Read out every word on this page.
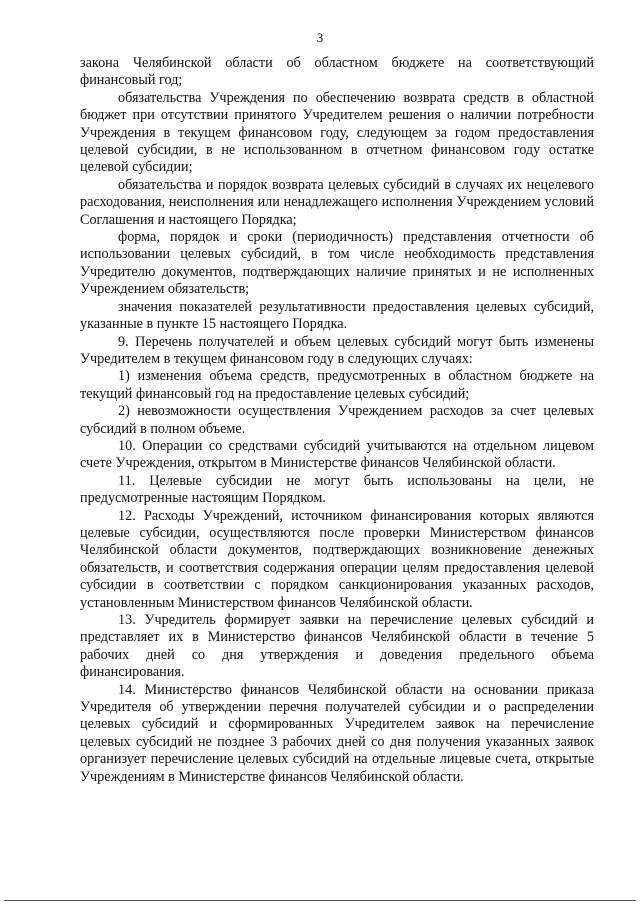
3

закона Челябинской области об областном бюджете на соответствующий финансовый год;

обязательства Учреждения по обеспечению возврата средств в областной бюджет при отсутствии принятого Учредителем решения о наличии потребности Учреждения в текущем финансовом году, следующем за годом предоставления целевой субсидии, в не использованном в отчетном финансовом году остатке целевой субсидии;

обязательства и порядок возврата целевых субсидий в случаях их нецелевого расходования, неисполнения или ненадлежащего исполнения Учреждением условий Соглашения и настоящего Порядка;

форма, порядок и сроки (периодичность) представления отчетности об использовании целевых субсидий, в том числе необходимость представления Учредителю документов, подтверждающих наличие принятых и не исполненных Учреждением обязательств;

значения показателей результативности предоставления целевых субсидий, указанные в пункте 15 настоящего Порядка.

9. Перечень получателей и объем целевых субсидий могут быть изменены Учредителем в текущем финансовом году в следующих случаях:

1) изменения объема средств, предусмотренных в областном бюджете на текущий финансовый год на предоставление целевых субсидий;

2) невозможности осуществления Учреждением расходов за счет целевых субсидий в полном объеме.

10. Операции со средствами субсидий учитываются на отдельном лицевом счете Учреждения, открытом в Министерстве финансов Челябинской области.

11. Целевые субсидии не могут быть использованы на цели, не предусмотренные настоящим Порядком.

12. Расходы Учреждений, источником финансирования которых являются целевые субсидии, осуществляются после проверки Министерством финансов Челябинской области документов, подтверждающих возникновение денежных обязательств, и соответствия содержания операции целям предоставления целевой субсидии в соответствии с порядком санкционирования указанных расходов, установленным Министерством финансов Челябинской области.

13. Учредитель формирует заявки на перечисление целевых субсидий и представляет их в Министерство финансов Челябинской области в течение 5 рабочих дней со дня утверждения и доведения предельного объема финансирования.

14. Министерство финансов Челябинской области на основании приказа Учредителя об утверждении перечня получателей субсидии и о распределении целевых субсидий и сформированных Учредителем заявок на перечисление целевых субсидий не позднее 3 рабочих дней со дня получения указанных заявок организует перечисление целевых субсидий на отдельные лицевые счета, открытые Учреждениям в Министерстве финансов Челябинской области.
